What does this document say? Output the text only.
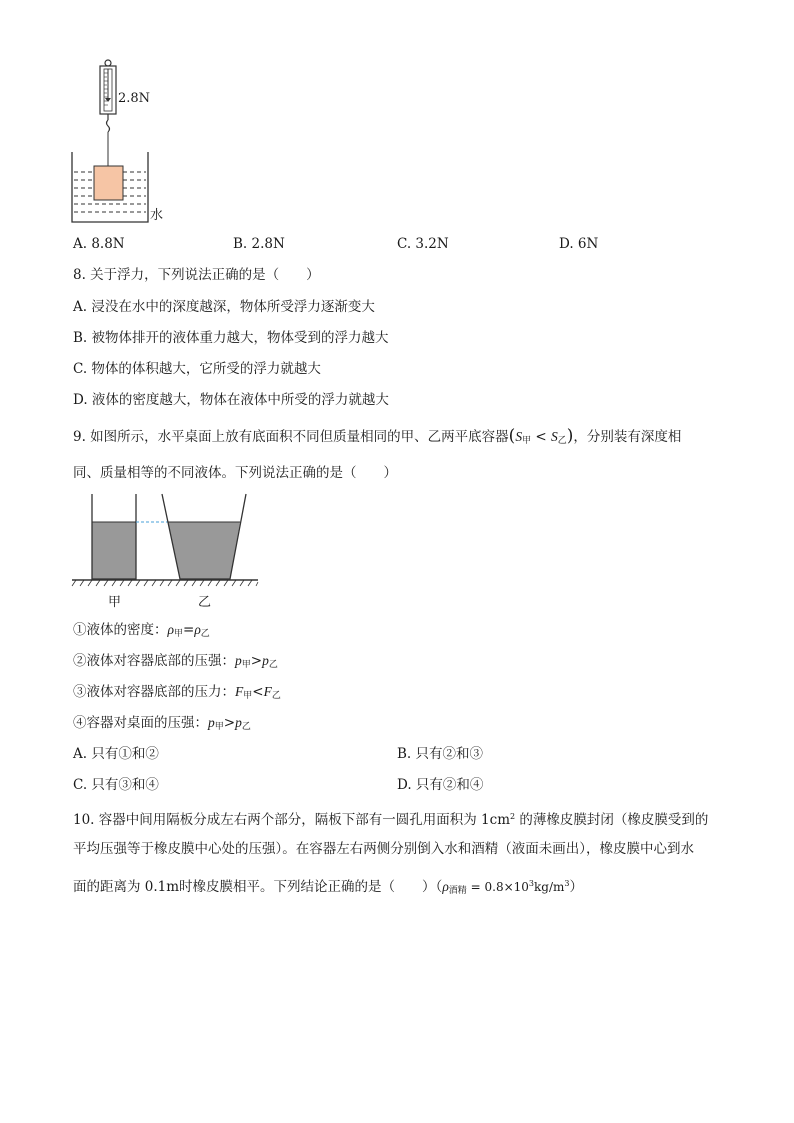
2.8N
水
A. 8.8N	B. 2.8N	C. 3.2N	D. 6N
8. 关于浮力，下列说法正确的是（　　）
A. 浸没在水中的深度越深，物体所受浮力逐渐变大
B. 被物体排开的液体重力越大，物体受到的浮力越大
C. 物体的体积越大，它所受的浮力就越大
D. 液体的密度越大，物体在液体中所受的浮力就越大
9. 如图所示，水平桌面上放有底面积不同但质量相同的甲、乙两平底容器$(S_甲 < S_乙)$，分别装有深度相
同、质量相等的不同液体。下列说法正确的是（　　）
甲	乙
①液体的密度：$\rho_甲=\rho_乙$
②液体对容器底部的压强：$p_甲>p_乙$
③液体对容器底部的压力：$F_甲<F_乙$
④容器对桌面的压强：$p_甲>p_乙$
A. 只有①和②	B. 只有②和③
C. 只有③和④	D. 只有②和④
10. 容器中间用隔板分成左右两个部分，隔板下部有一圆孔用面积为 $1cm^2$ 的薄橡皮膜封闭（橡皮膜受到的
平均压强等于橡皮膜中心处的压强）。在容器左右两侧分别倒入水和酒精（液面未画出），橡皮膜中心到水
面的距离为 0.1m时橡皮膜相平。下列结论正确的是（　　）$(\rho_{酒精} = 0.8\times 10^3kg/m^3)$
